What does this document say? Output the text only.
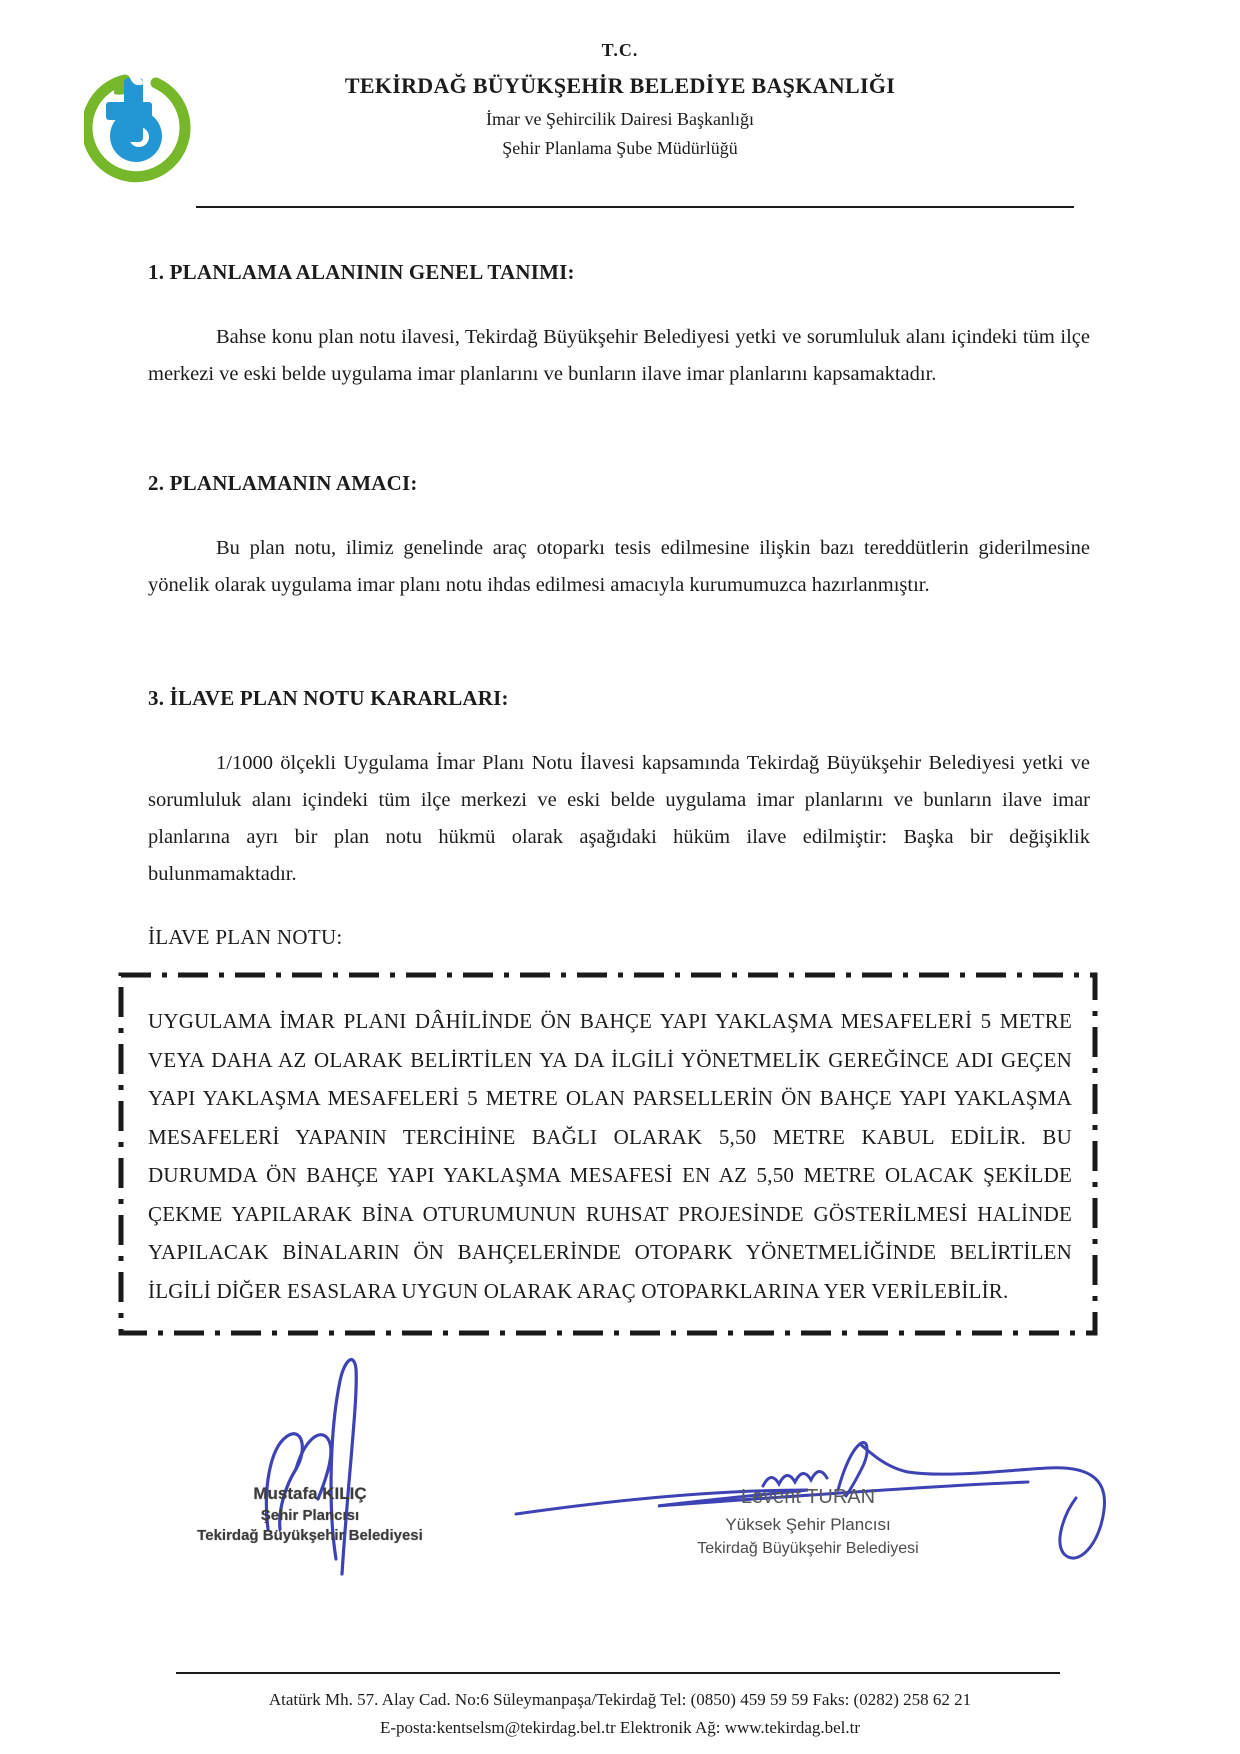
T.C.
TEKİRDAĞ BÜYÜKŞEHİR BELEDİYE BAŞKANLIĞI
İmar ve Şehircilik Dairesi Başkanlığı
Şehir Planlama Şube Müdürlüğü
1. PLANLAMA ALANININ GENEL TANIMI:
Bahse konu plan notu ilavesi, Tekirdağ Büyükşehir Belediyesi yetki ve sorumluluk alanı içindeki tüm ilçe merkezi ve eski belde uygulama imar planlarını ve bunların ilave imar planlarını kapsamaktadır.
2. PLANLAMANIN AMACI:
Bu plan notu, ilimiz genelinde araç otoparkı tesis edilmesine ilişkin bazı tereddütlerin giderilmesine yönelik olarak uygulama imar planı notu ihdas edilmesi amacıyla kurumumuzca hazırlanmıştır.
3. İLAVE PLAN NOTU KARARLARI:
1/1000 ölçekli Uygulama İmar Planı Notu İlavesi kapsamında Tekirdağ Büyükşehir Belediyesi yetki ve sorumluluk alanı içindeki tüm ilçe merkezi ve eski belde uygulama imar planlarını ve bunların ilave imar planlarına ayrı bir plan notu hükmü olarak aşağıdaki hüküm ilave edilmiştir: Başka bir değişiklik bulunmamaktadır.
İLAVE PLAN NOTU:
UYGULAMA İMAR PLANI DÂHİLİNDE ÖN BAHÇE YAPI YAKLAŞMA MESAFELERİ 5 METRE VEYA DAHA AZ OLARAK BELİRTİLEN YA DA İLGİLİ YÖNETMELİK GEREĞİNCE ADI GEÇEN YAPI YAKLAŞMA MESAFELERİ 5 METRE OLAN PARSELLERİN ÖN BAHÇE YAPI YAKLAŞMA MESAFELERİ YAPANIN TERCİHİNE BAĞLI OLARAK 5,50 METRE KABUL EDİLİR. BU DURUMDA ÖN BAHÇE YAPI YAKLAŞMA MESAFESİ EN AZ 5,50 METRE OLACAK ŞEKİLDE ÇEKME YAPILARAK BİNA OTURUMUNUN RUHSAT PROJESİNDE GÖSTERİLMESİ HALİNDE YAPILACAK BİNALARIN ÖN BAHÇELERİNDE OTOPARK YÖNETMELİĞİNDE BELİRTİLEN İLGİLİ DİĞER ESASLARA UYGUN OLARAK ARAÇ OTOPARKLARINA YER VERİLEBİLİR.
Mustafa KILIÇ
Şehir Plancısı
Tekirdağ Büyükşehir Belediyesi
Levent TURAN
Yüksek Şehir Plancısı
Tekirdağ Büyükşehir Belediyesi
Atatürk Mh. 57. Alay Cad. No:6 Süleymanpaşa/Tekirdağ Tel: (0850) 459 59 59 Faks: (0282) 258 62 21
E-posta:kentselsm@tekirdag.bel.tr Elektronik Ağ: www.tekirdag.bel.tr
